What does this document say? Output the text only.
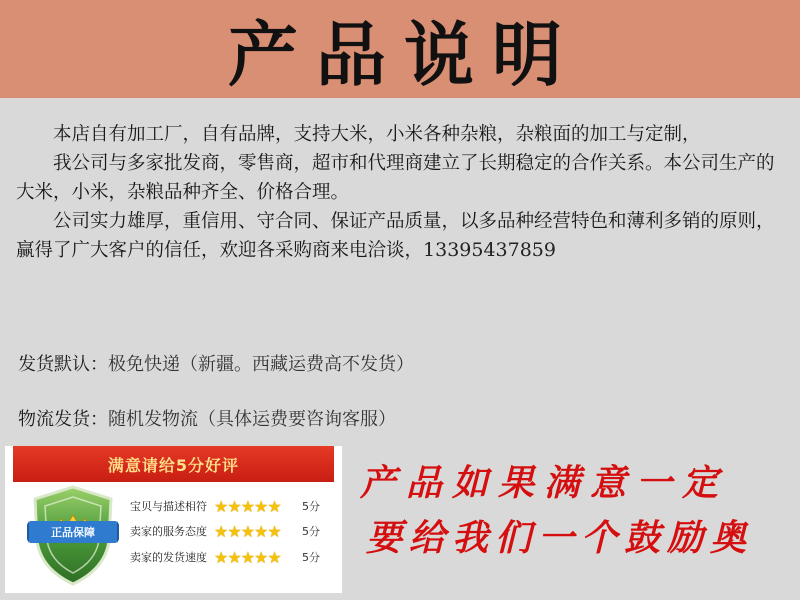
产品说明

本店自有加工厂，自有品牌，支持大米，小米各种杂粮，杂粮面的加工与定制，

我公司与多家批发商，零售商，超市和代理商建立了长期稳定的合作关系。本公司生产的大米，小米，杂粮品种齐全、价格合理。

公司实力雄厚，重信用、守合同、保证产品质量，以多品种经营特色和薄利多销的原则，赢得了广大客户的信任，欢迎各采购商来电洽谈，13395437859

发货默认：极免快递（新疆。西藏运费高不发货）
物流发货：随机发物流（具体运费要咨询客服）
满意请给5分好评
正品保障
宝贝与描述相符 ★★★★★	5分
卖家的服务态度 ★★★★★	5分
卖家的发货速度 ★★★★★	5分
产品如果满意一定
要给我们一个鼓励奥
